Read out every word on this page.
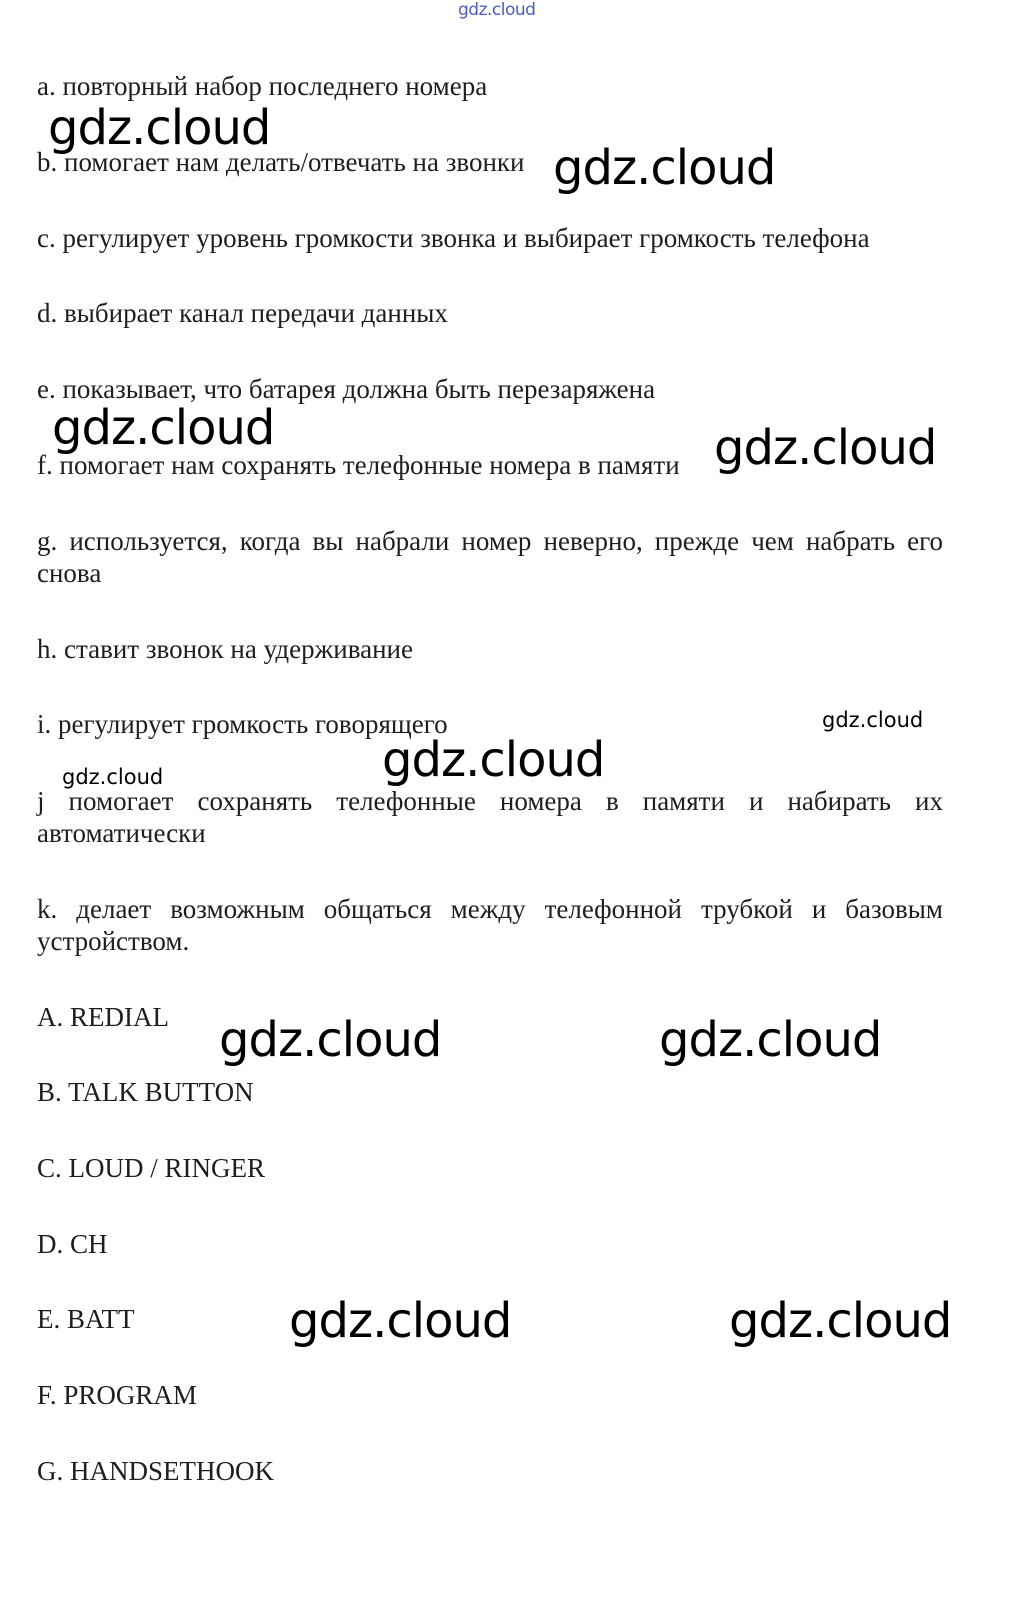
gdz.cloud
a. повторный набор последнего номера
b. помогает нам делать/отвечать на звонки
c. регулирует уровень громкости звонка и выбирает громкость телефона
d. выбирает канал передачи данных
e. показывает, что батарея должна быть перезаряжена
f. помогает нам сохранять телефонные номера в памяти
g. используется, когда вы набрали номер неверно, прежде чем набрать его снова
h. ставит звонок на удерживание
i. регулирует громкость говорящего
j помогает сохранять телефонные номера в памяти и набирать их автоматически
k. делает возможным общаться между телефонной трубкой и базовым устройством.
A. REDIAL
B. TALK BUTTON
C. LOUD / RINGER
D. CH
E. BATT
F. PROGRAM
G. HANDSETHOOK
gdz.cloud
gdz.cloud
gdz.cloud	gdz.cloud
gdz.cloud
gdz.cloud
gdz.cloud
gdz.cloud	gdz.cloud
gdz.cloud	gdz.cloud
